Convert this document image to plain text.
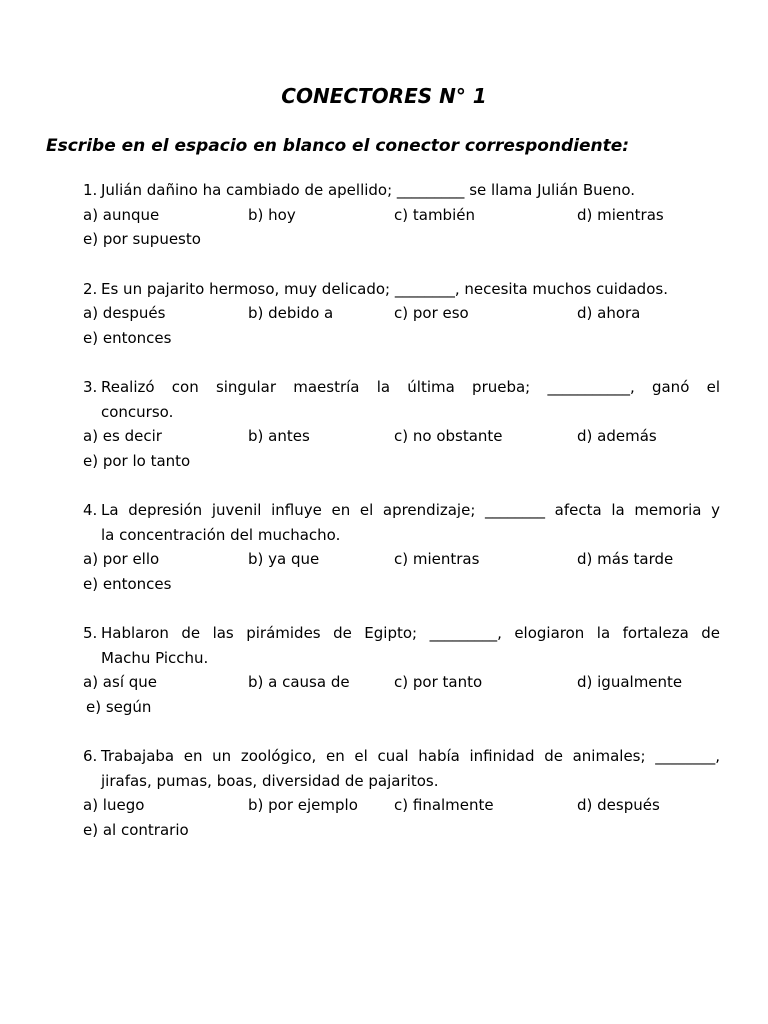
CONECTORES N° 1

Escribe en el espacio en blanco el conector correspondiente:

1. Julián dañino ha cambiado de apellido; _________ se llama Julián Bueno.
a) aunque	b) hoy	c) también	d) mientras
e) por supuesto
2. Es un pajarito hermoso, muy delicado; ________, necesita muchos cuidados.
a) después	b) debido a	c) por eso	d) ahora
e) entonces
3. Realizó con singular maestría la última prueba; ___________, ganó el
concurso.
a) es decir	b) antes	c) no obstante	d) además
e) por lo tanto
4. La depresión juvenil influye en el aprendizaje; ________ afecta la memoria y
la concentración del muchacho.
a) por ello	b) ya que	c) mientras	d) más tarde
e) entonces
5. Hablaron de las pirámides de Egipto; _________, elogiaron la fortaleza de
Machu Picchu.
a) así que	b) a causa de	c) por tanto	d) igualmente
e) según
6. Trabajaba en un zoológico, en el cual había infinidad de animales; ________,
jirafas, pumas, boas, diversidad de pajaritos.
a) luego	b) por ejemplo c) finalmente	d) después
e) al contrario
